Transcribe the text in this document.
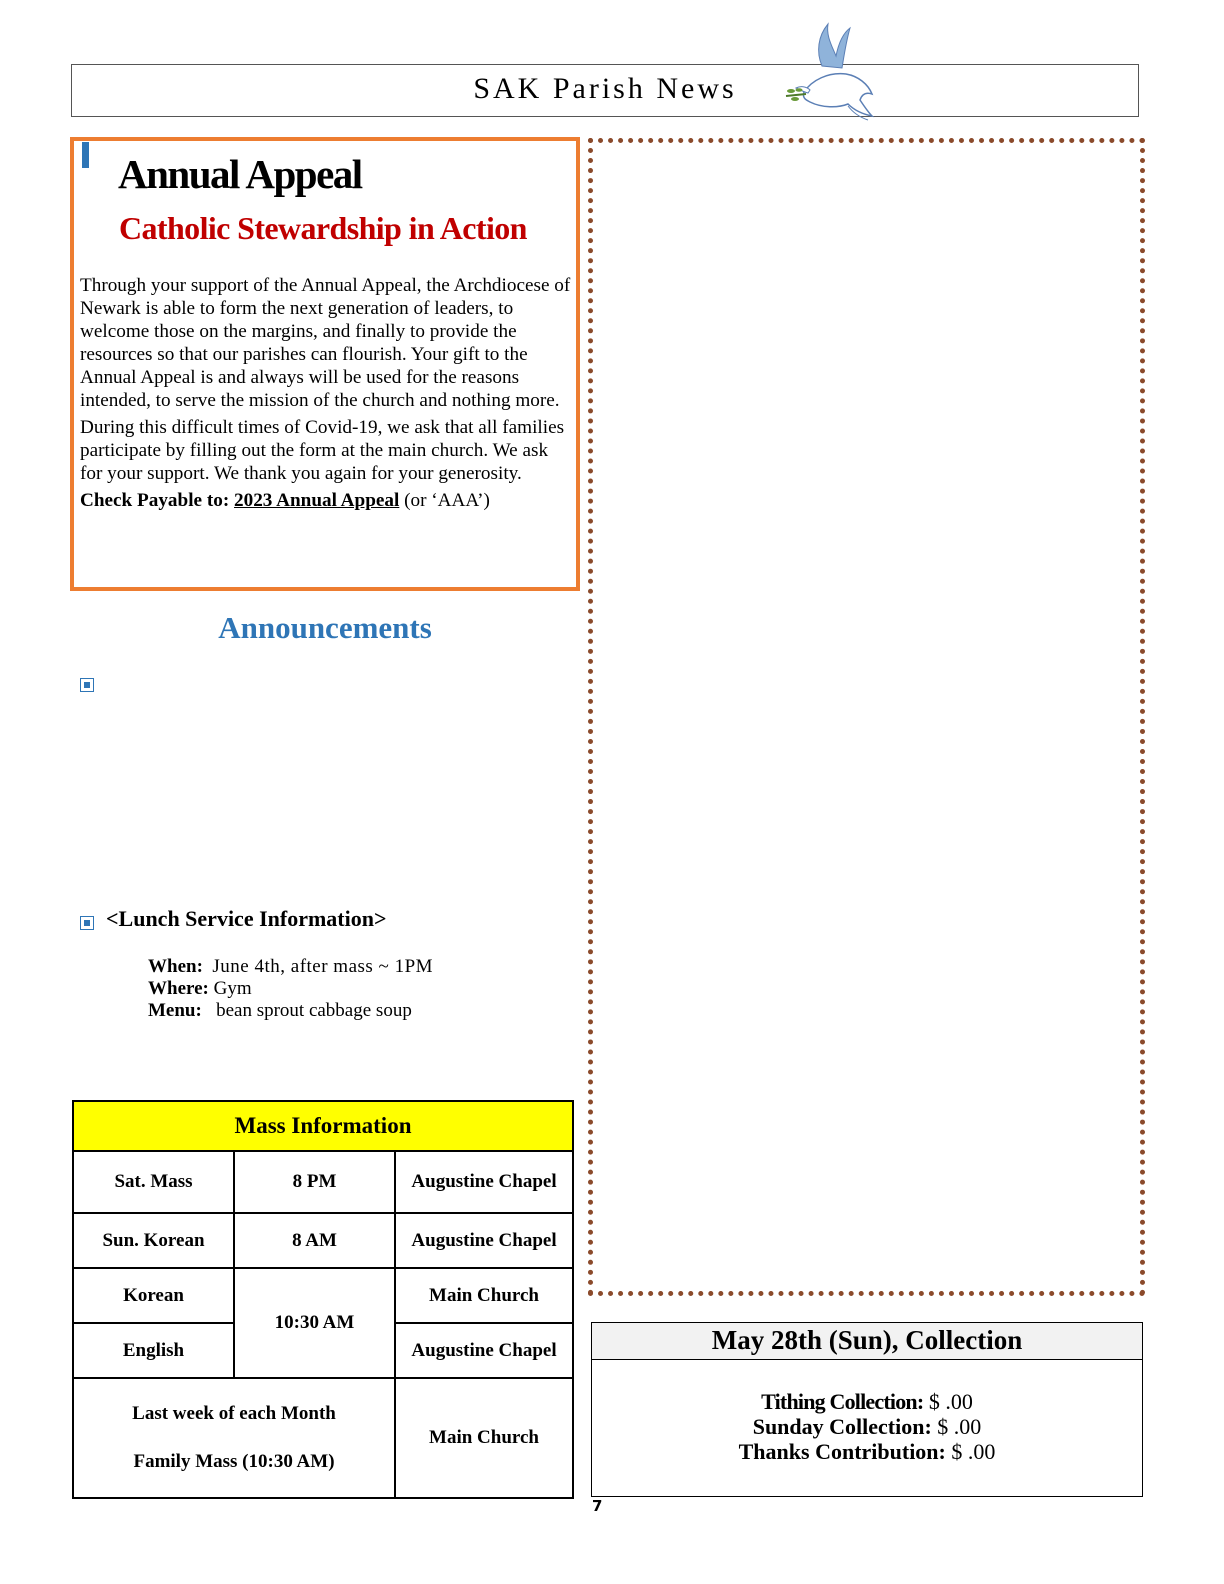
SAK Parish News
Annual Appeal
Catholic Stewardship in Action

Through your support of the Annual Appeal, the Archdiocese of Newark is able to form the next generation of leaders, to welcome those on the margins, and finally to provide the resources so that our parishes can flourish. Your gift to the Annual Appeal is and always will be used for the reasons intended, to serve the mission of the church and nothing more.

During this difficult times of Covid-19, we ask that all families participate by filling out the form at the main church. We ask for your support. We thank you again for your generosity.

Check Payable to: 2023 Annual Appeal (or ‘AAA’)
Announcements
<Lunch Service Information>
When: June 4th, after mass ~ 1PM
Where: Gym
Menu: bean sprout cabbage soup
Mass Information		
Sat. Mass	8 PM	Augustine Chapel
Sun. Korean	8 AM	Augustine Chapel
Korean	10:30 AM	Main Church
English		Augustine Chapel

Last week of each Month
Family Mass (10:30 AM)		Main Church
May 28th (Sun), Collection
Tithing Collection: $ .00
Sunday Collection: $ .00
Thanks Contribution: $ .00
7
